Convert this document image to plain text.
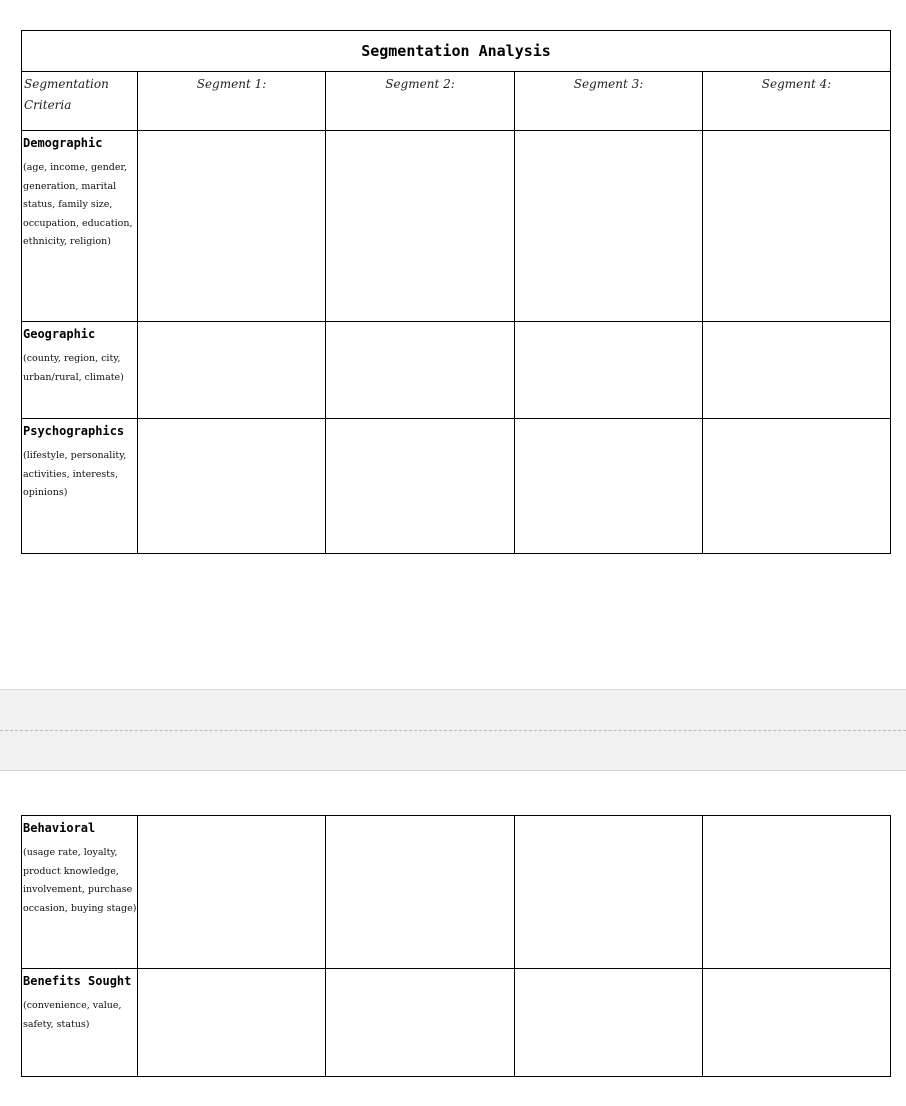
Segmentation Analysis				
Segmentation Criteria	Segment 1:	Segment 2:	Segment 3:	Segment 4:

Demographic
(age, income, gender, generation, marital status, family size, occupation, education, ethnicity, religion)				

Geographic
(county, region, city, urban/rural, climate)				

Psychographics
(lifestyle, personality, activities, interests, opinions)				

Behavioral
(usage rate, loyalty, product knowledge, involvement, purchase occasion, buying stage)				

Benefits Sought
(convenience, value, safety, status)				
